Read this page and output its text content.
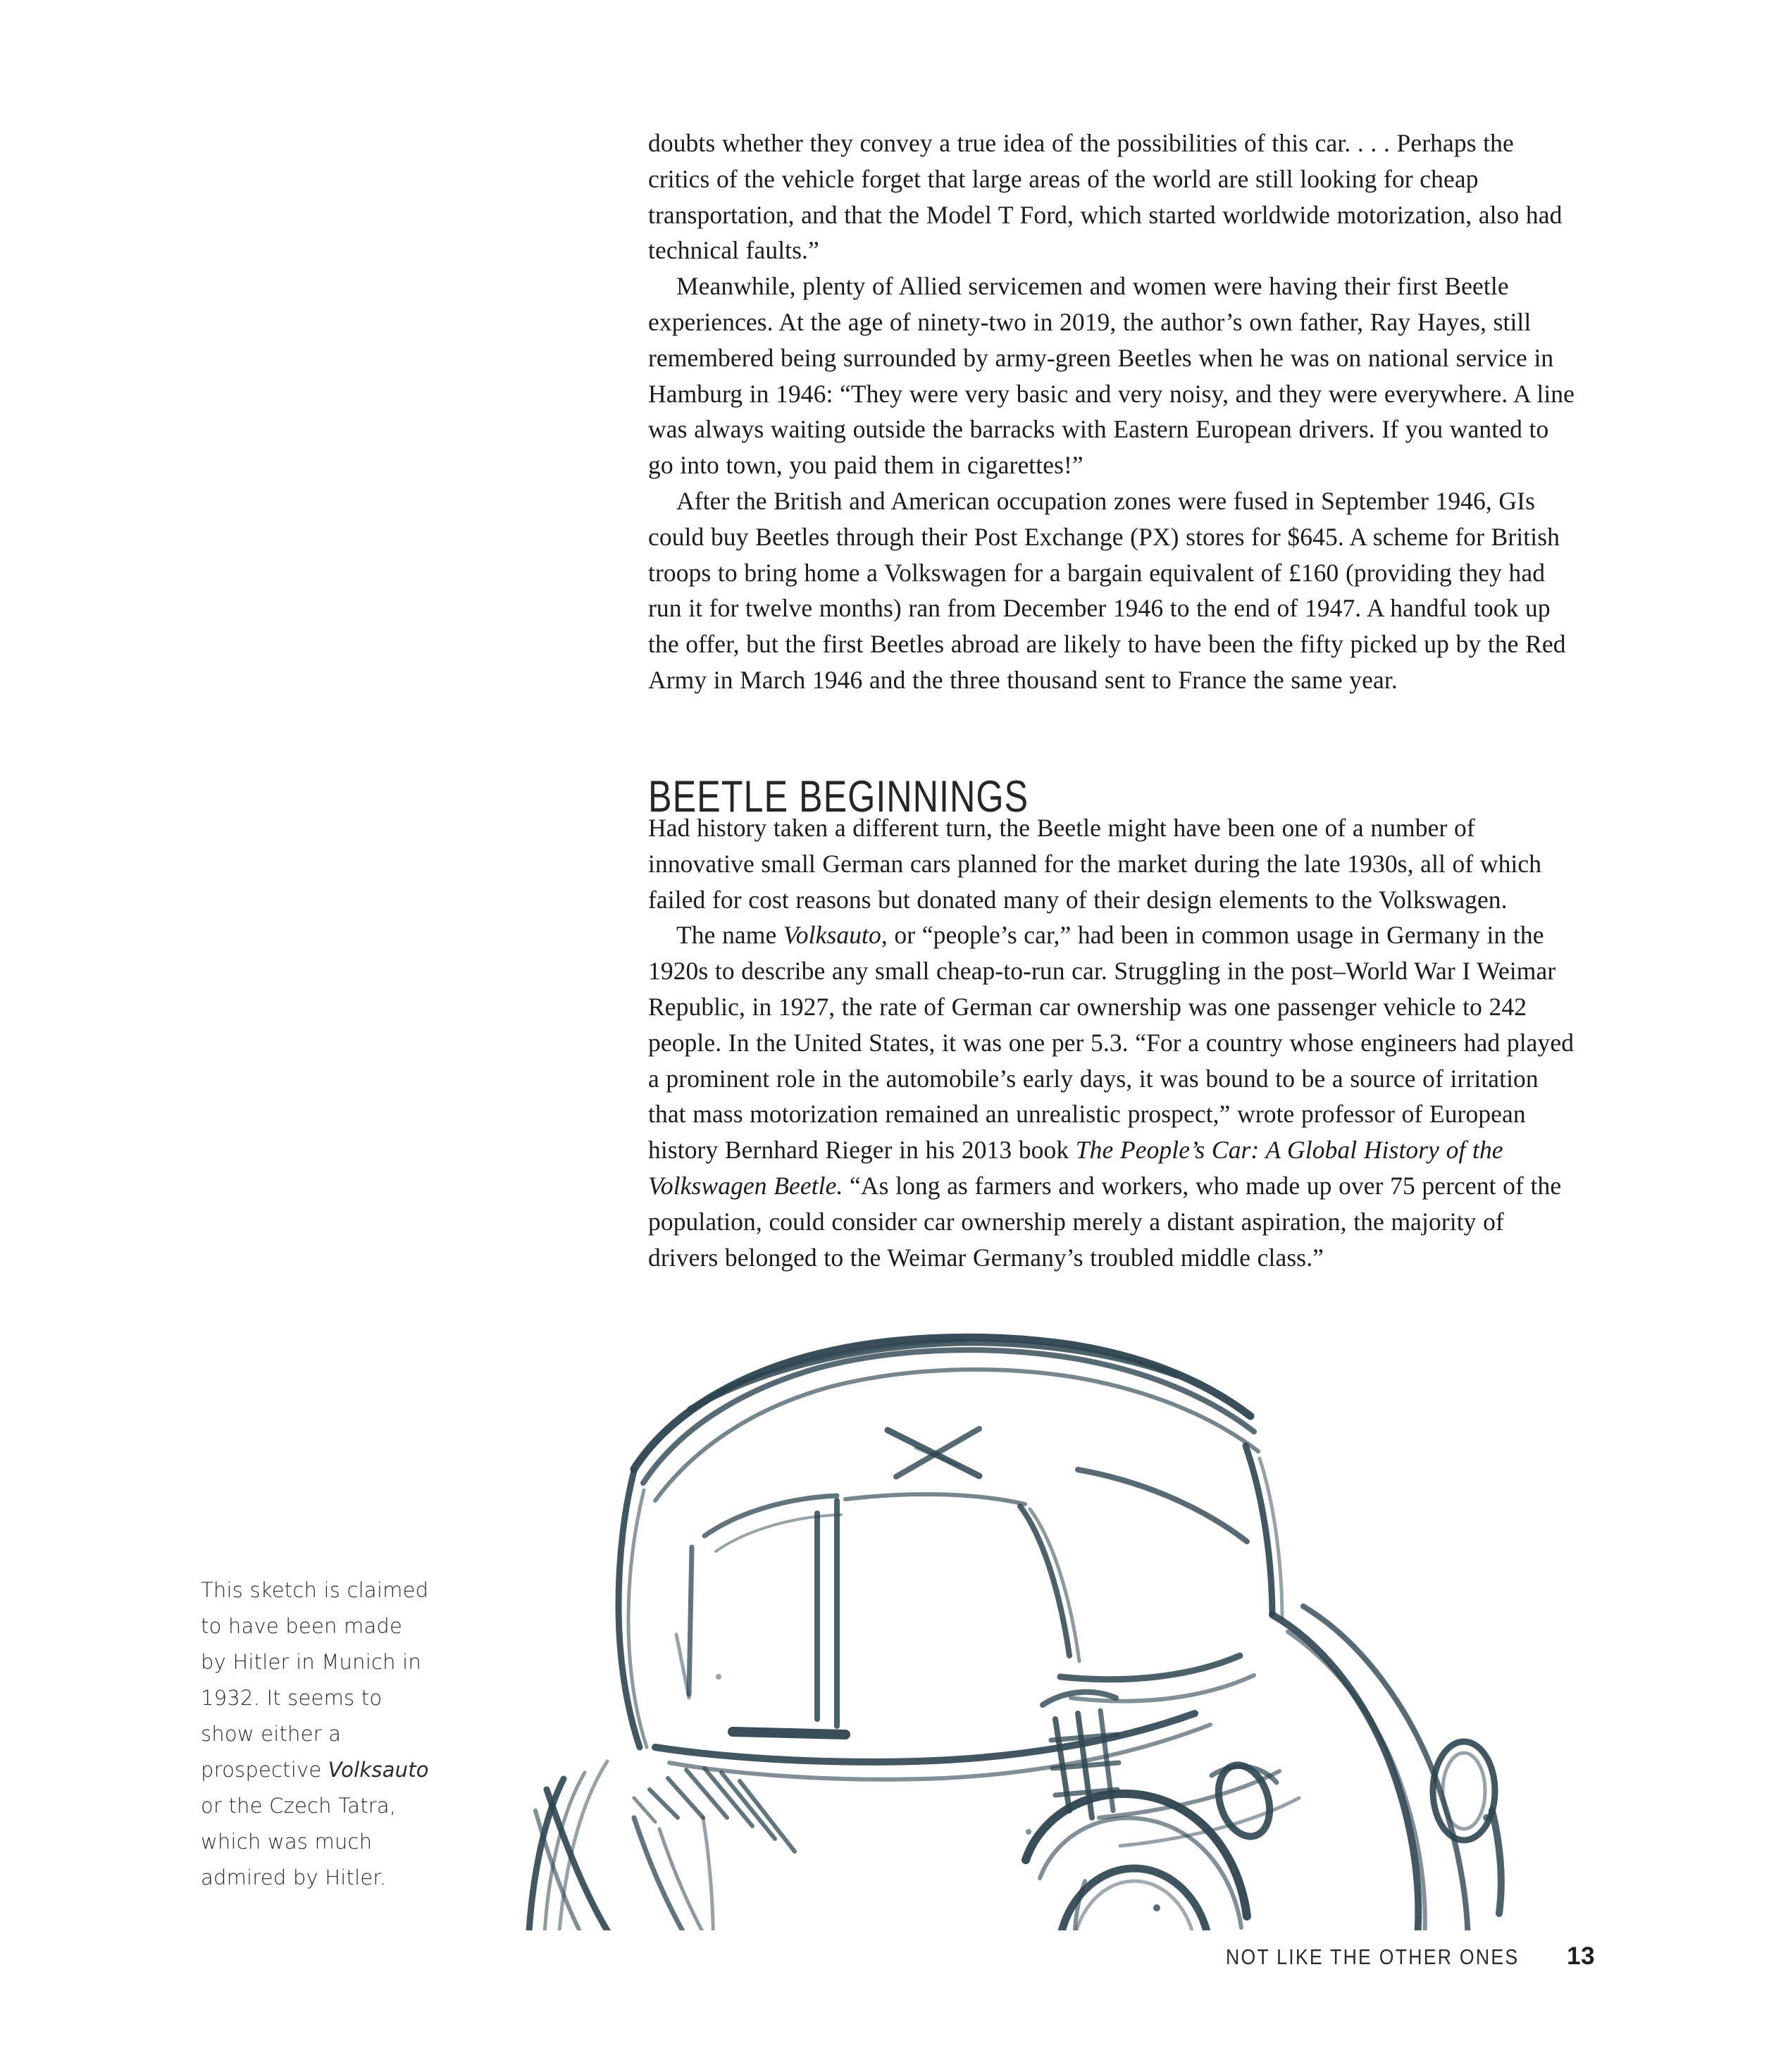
doubts whether they convey a true idea of the possibilities of this car. . . . Perhaps the critics of the vehicle forget that large areas of the world are still looking for cheap transportation, and that the Model T Ford, which started worldwide motorization, also had technical faults.”

Meanwhile, plenty of Allied servicemen and women were having their first Beetle experiences. At the age of ninety-two in 2019, the author’s own father, Ray Hayes, still remembered being surrounded by army-green Beetles when he was on national service in Hamburg in 1946: “They were very basic and very noisy, and they were everywhere. A line was always waiting outside the barracks with Eastern European drivers. If you wanted to go into town, you paid them in cigarettes!”

After the British and American occupation zones were fused in September 1946, GIs could buy Beetles through their Post Exchange (PX) stores for $645. A scheme for British troops to bring home a Volkswagen for a bargain equivalent of £160 (providing they had run it for twelve months) ran from December 1946 to the end of 1947. A handful took up the offer, but the first Beetles abroad are likely to have been the fifty picked up by the Red Army in March 1946 and the three thousand sent to France the same year.

BEETLE BEGINNINGS

Had history taken a different turn, the Beetle might have been one of a number of innovative small German cars planned for the market during the late 1930s, all of which failed for cost reasons but donated many of their design elements to the Volkswagen.

The name Volksauto, or “people’s car,” had been in common usage in Germany in the 1920s to describe any small cheap-to-run car. Struggling in the post–World War I Weimar Republic, in 1927, the rate of German car ownership was one passenger vehicle to 242 people. In the United States, it was one per 5.3. “For a country whose engineers had played a prominent role in the automobile’s early days, it was bound to be a source of irritation that mass motorization remained an unrealistic prospect,” wrote professor of European history Bernhard Rieger in his 2013 book The People’s Car: A Global History of the Volkswagen Beetle. “As long as farmers and workers, who made up over 75 percent of the population, could consider car ownership merely a distant aspiration, the majority of drivers belonged to the Weimar Germany’s troubled middle class.”

This sketch is claimed to have been made by Hitler in Munich in 1932. It seems to show either a prospective Volksauto or the Czech Tatra, which was much admired by Hitler.
NOT LIKE THE OTHER ONES 13
